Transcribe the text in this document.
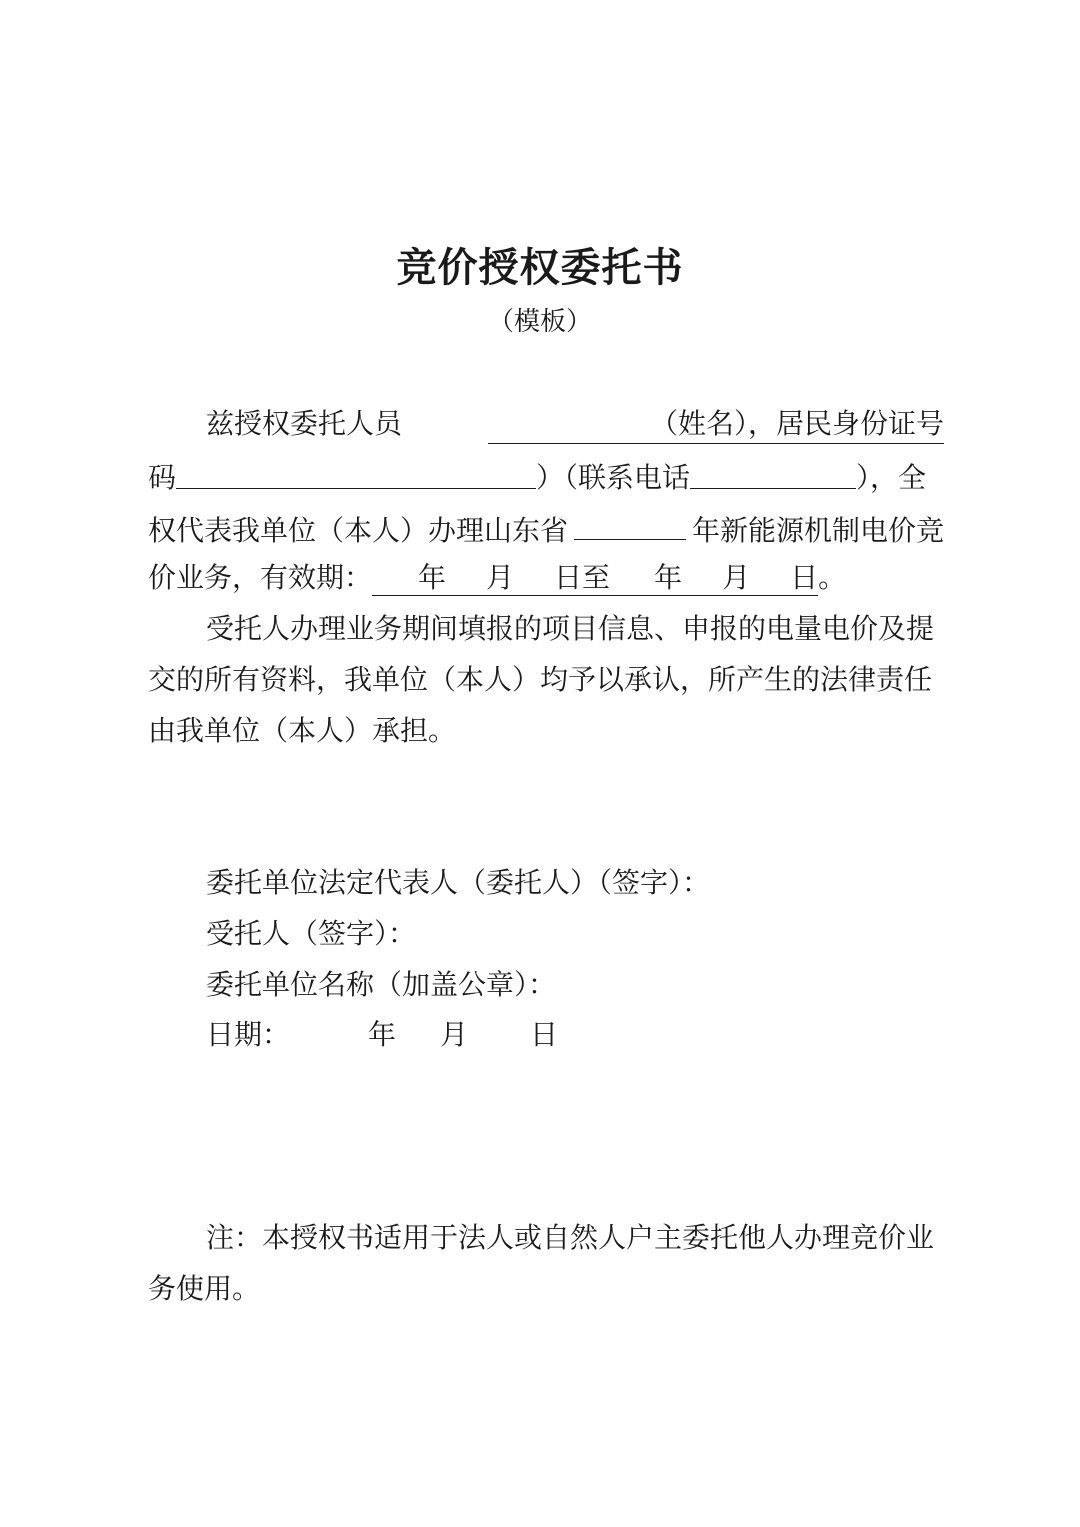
竞价授权委托书
（模板）
兹授权委托人员	（姓名），居民身份证号
码	）（联系电话	），全
权代表我单位（本人）办理山东省	年新能源机制电价竞
价业务，有效期： 年 月 日至 年 月 日。
受托人办理业务期间填报的项目信息、申报的电量电价及提
交的所有资料，我单位（本人）均予以承认，所产生的法律责任
由我单位（本人）承担。
委托单位法定代表人（委托人）（签字）：
受托人（签字）：
委托单位名称（加盖公章）：
日期：	年 月 日
注：本授权书适用于法人或自然人户主委托他人办理竞价业
务使用。
